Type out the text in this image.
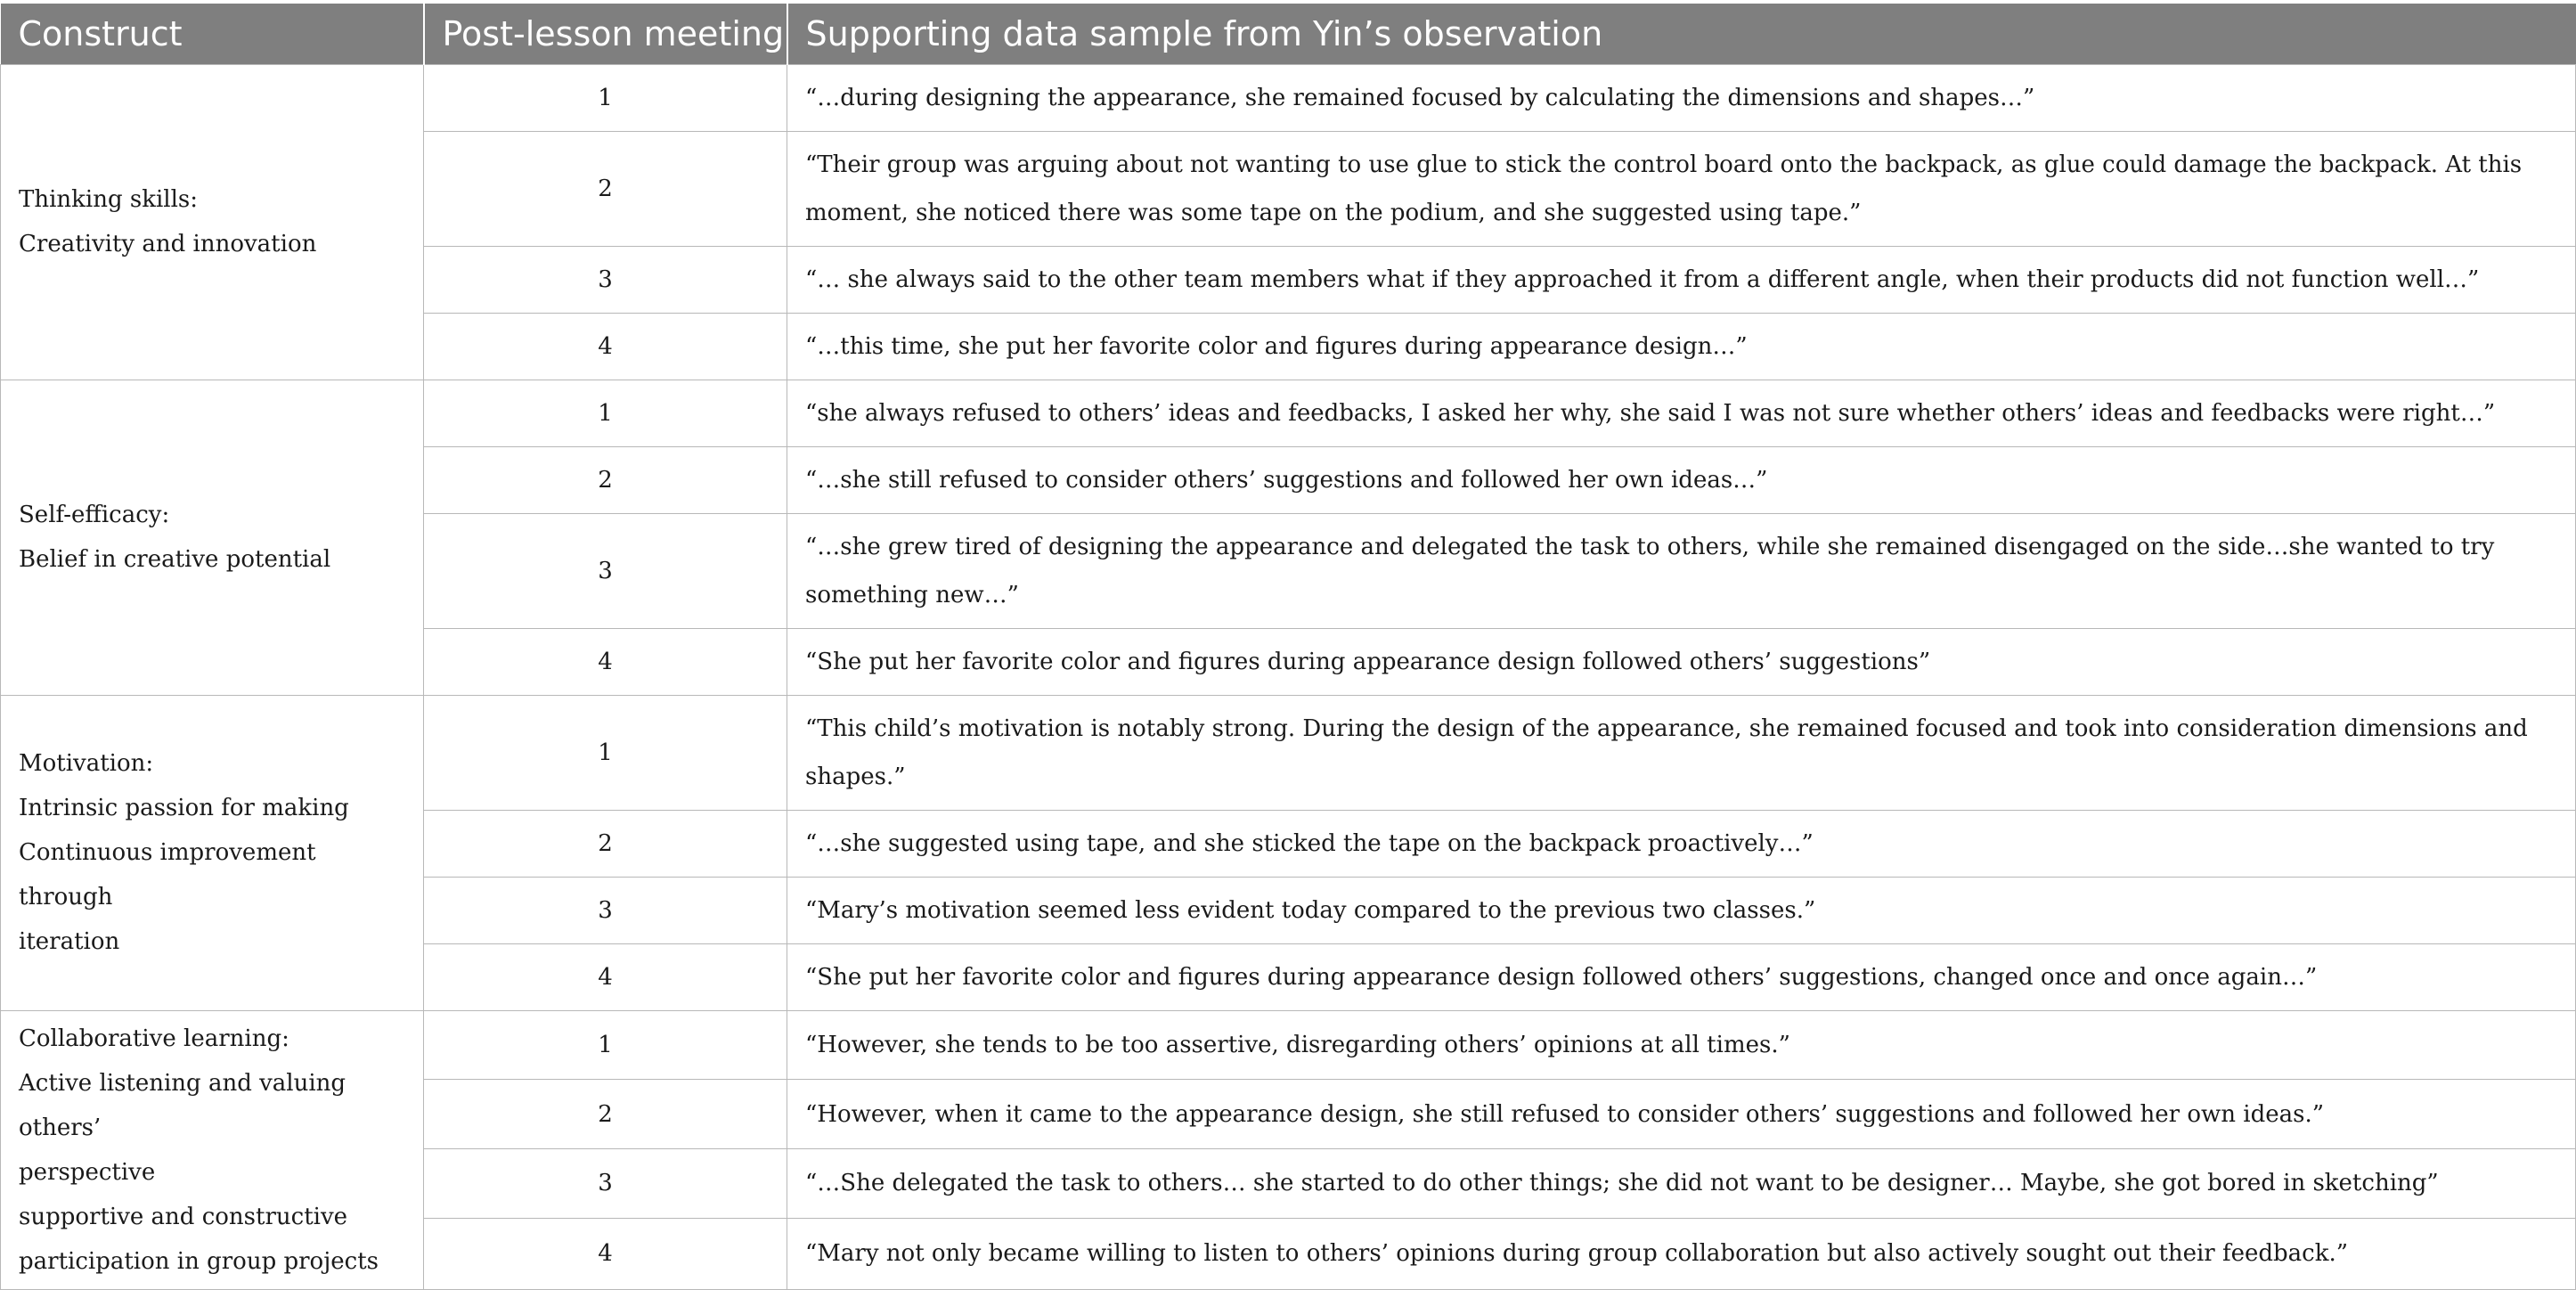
Construct	Post-lesson meeting	Supporting data sample from Yin’s observation

Thinking skills:
Creativity and innovation	1	“…during designing the appearance, she remained focused by calculating the dimensions and shapes…”
	2	“Their group was arguing about not wanting to use glue to stick the control board onto the backpack, as glue could damage the backpack. At this moment, she noticed there was some tape on the podium, and she suggested using tape.”
	3	“… she always said to the other team members what if they approached it from a different angle, when their products did not function well…”
	4	“…this time, she put her favorite color and figures during appearance design…”

Self-efficacy:
Belief in creative potential	1	“she always refused to others’ ideas and feedbacks, I asked her why, she said I was not sure whether others’ ideas and feedbacks were right…”
	2	“…she still refused to consider others’ suggestions and followed her own ideas…”
	3	“…she grew tired of designing the appearance and delegated the task to others, while she remained disengaged on the side…she wanted to try something new…”
	4	“She put her favorite color and figures during appearance design followed others’ suggestions”

Motivation:
Intrinsic passion for making
Continuous improvement through
iteration	1	“This child’s motivation is notably strong. During the design of the appearance, she remained focused and took into consideration dimensions and shapes.”
	2	“…she suggested using tape, and she sticked the tape on the backpack proactively…”
	3	“Mary’s motivation seemed less evident today compared to the previous two classes.”
	4	“She put her favorite color and figures during appearance design followed others’ suggestions, changed once and once again…”

Collaborative learning:
Active listening and valuing others’
perspective
supportive and constructive
participation in group projects	1	“However, she tends to be too assertive, disregarding others’ opinions at all times.”
	2	“However, when it came to the appearance design, she still refused to consider others’ suggestions and followed her own ideas.”
	3	“…She delegated the task to others… she started to do other things; she did not want to be designer… Maybe, she got bored in sketching”
	4	“Mary not only became willing to listen to others’ opinions during group collaboration but also actively sought out their feedback.”
